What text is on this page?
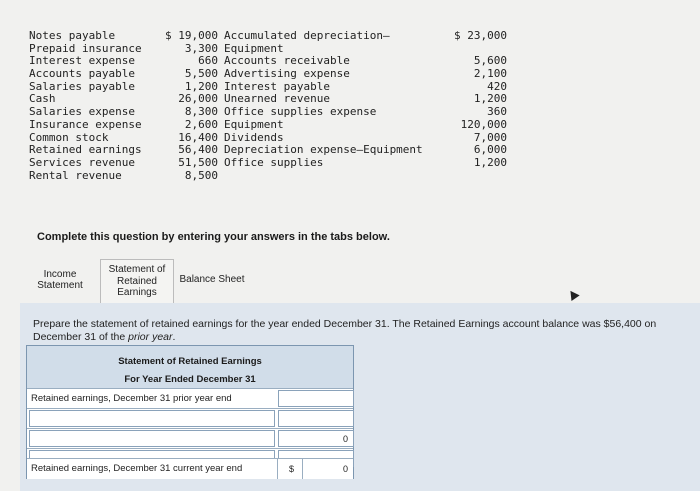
Notes payable
Prepaid insurance
Interest expense
Accounts payable
Salaries payable
Cash
Salaries expense
Insurance expense
Common stock
Retained earnings
Services revenue
Rental revenue
$ 19,000
3,300
660
5,500
1,200
26,000
8,300
2,600
16,400
56,400
51,500
8,500
Accumulated depreciation–
Equipment
Accounts receivable
Advertising expense
Interest payable
Unearned revenue
Office supplies expense
Equipment
Dividends
Depreciation expense–Equipment
Office supplies
$ 23,000
5,600
2,100
420
1,200
360
120,000
7,000
6,000
1,200
Complete this question by entering your answers in the tabs below.
Income
Statement
Statement of
Retained
Earnings
Balance Sheet
Prepare the statement of retained earnings for the year ended December 31. The Retained Earnings account balance was $56,400 on December 31 of the prior year.
Statement of Retained Earnings
For Year Ended December 31
Retained earnings, December 31 prior year end
0
Retained earnings, December 31 current year end	$	0
